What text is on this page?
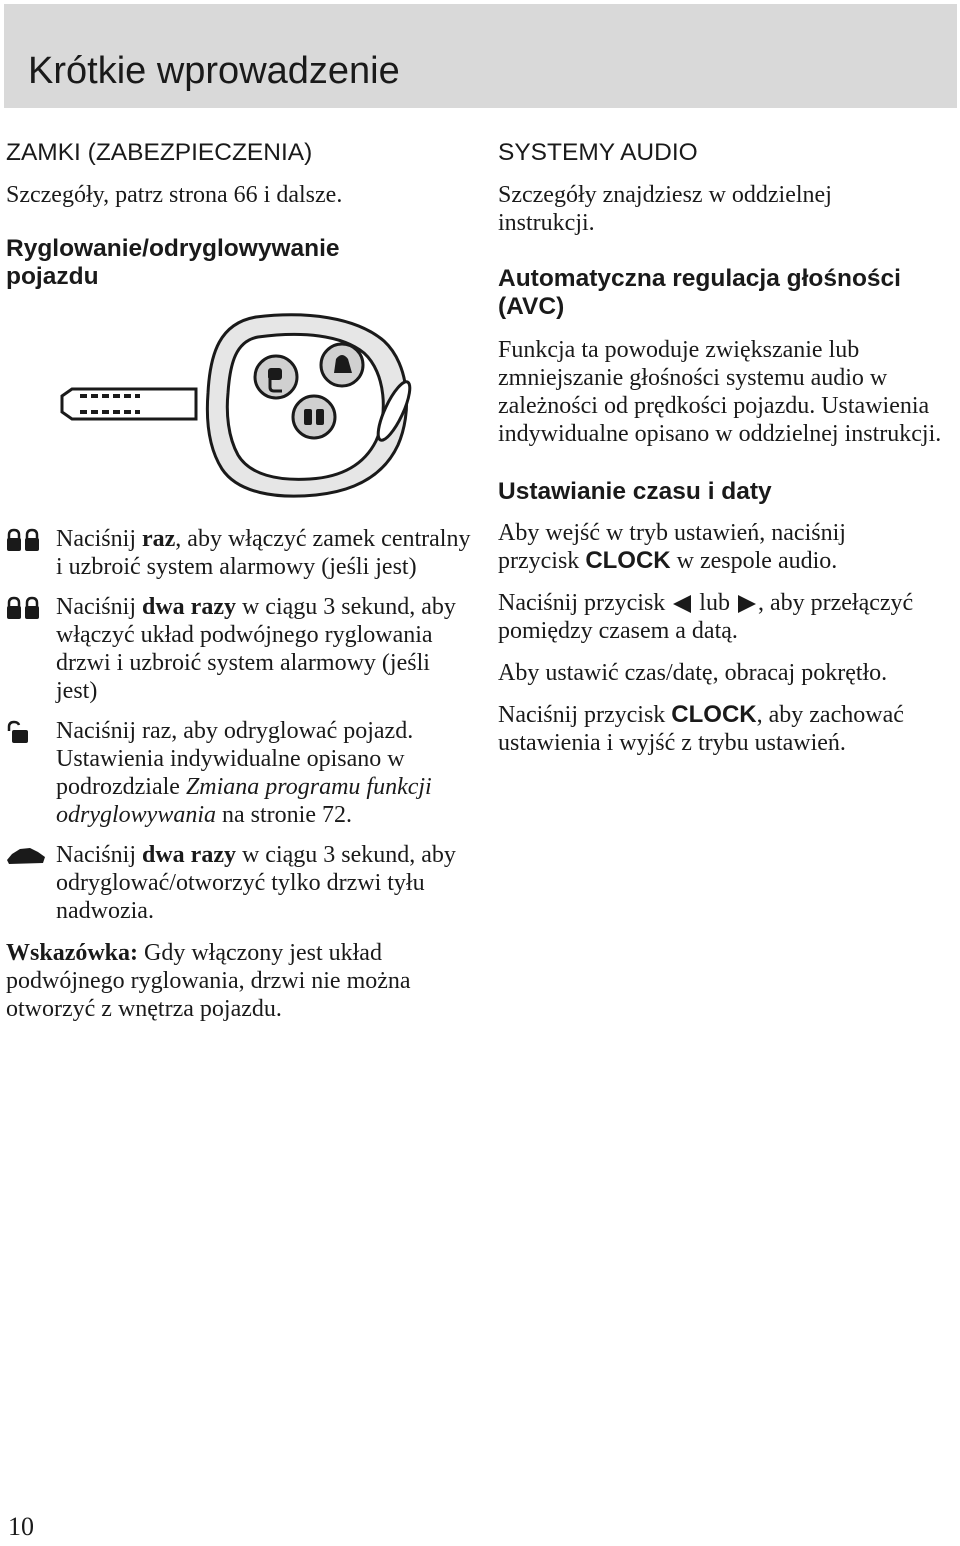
Krótkie wprowadzenie
ZAMKI (ZABEZPIECZENIA)

Szczegóły, patrz strona 66 i dalsze.

Ryglowanie/odryglowywanie pojazdu

Naciśnij raz, aby włączyć zamek centralny i uzbroić system alarmowy (jeśli jest)

Naciśnij dwa razy w ciągu 3 sekund, aby włączyć układ podwójnego ryglowania drzwi i uzbroić system alarmowy (jeśli jest)

Naciśnij raz, aby odryglować pojazd. Ustawienia indywidualne opisano w podrozdziale Zmiana programu funkcji odryglowywania na stronie 72.

Naciśnij dwa razy w ciągu 3 sekund, aby odryglować/otworzyć tylko drzwi tyłu nadwozia.

Wskazówka: Gdy włączony jest układ podwójnego ryglowania, drzwi nie można otworzyć z wnętrza pojazdu.

SYSTEMY AUDIO

Szczegóły znajdziesz w oddzielnej instrukcji.

Automatyczna regulacja głośności (AVC)

Funkcja ta powoduje zwiększanie lub zmniejszanie głośności systemu audio w zależności od prędkości pojazdu. Ustawienia indywidualne opisano w oddzielnej instrukcji.

Ustawianie czasu i daty

Aby wejść w tryb ustawień, naciśnij przycisk CLOCK w zespole audio.

Naciśnij przycisk  lub , aby przełączyć pomiędzy czasem a datą.

Aby ustawić czas/datę, obracaj pokrętło.

Naciśnij przycisk CLOCK, aby zachować ustawienia i wyjść z trybu ustawień.

10
